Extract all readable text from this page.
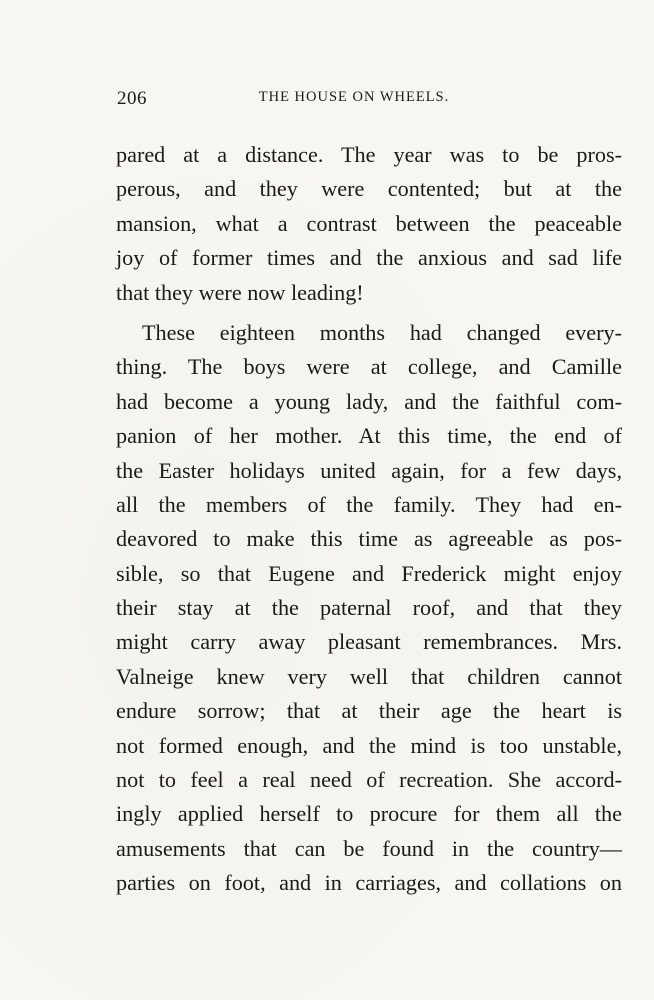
206	THE HOUSE ON WHEELS.
pared at a distance. The year was to be pros-
perous, and they were contented; but at the
mansion, what a contrast between the peaceable
joy of former times and the anxious and sad life
that they were now leading!
These eighteen months had changed every-
thing. The boys were at college, and Camille
had become a young lady, and the faithful com-
panion of her mother. At this time, the end of
the Easter holidays united again, for a few days,
all the members of the family. They had en-
deavored to make this time as agreeable as pos-
sible, so that Eugene and Frederick might enjoy
their stay at the paternal roof, and that they
might carry away pleasant remembrances. Mrs.
Valneige knew very well that children cannot
endure sorrow; that at their age the heart is
not formed enough, and the mind is too unstable,
not to feel a real need of recreation. She accord-
ingly applied herself to procure for them all the
amusements that can be found in the country—
parties on foot, and in carriages, and collations on
